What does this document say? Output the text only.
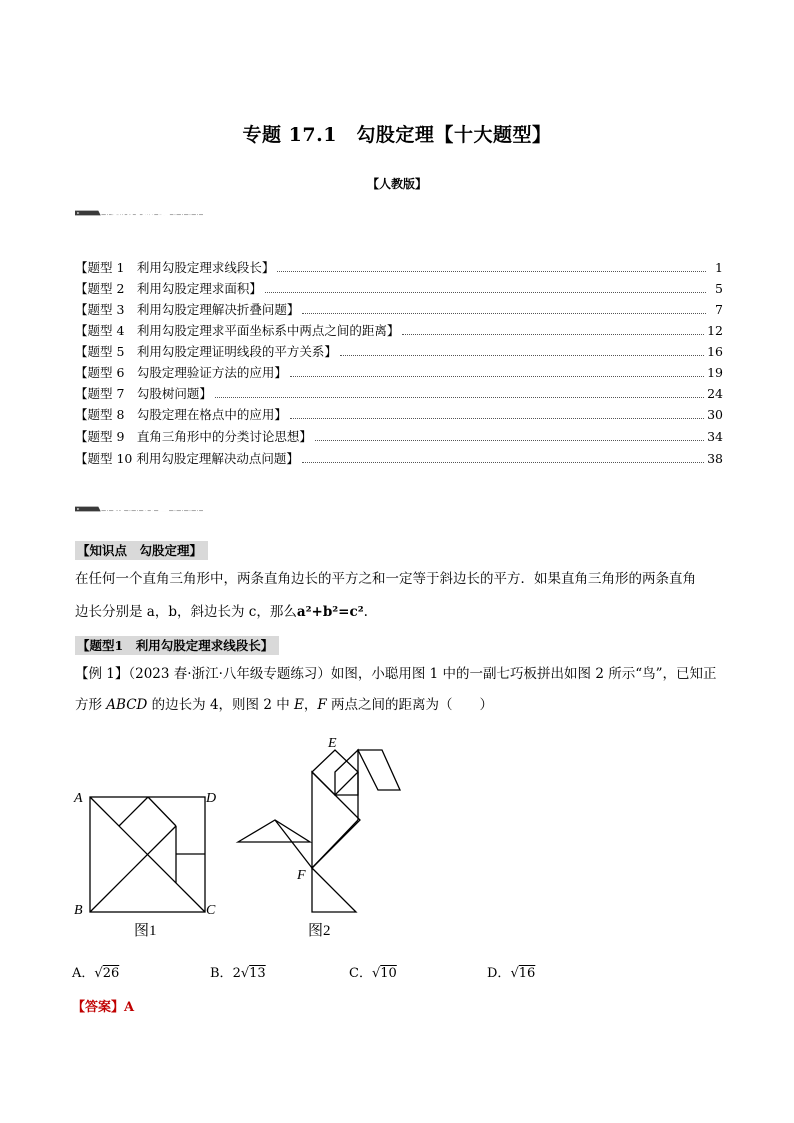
专题 17.1　勾股定理【十大题型】
【人教版】
题型梳理
【题型 1　利用勾股定理求线段长】	1
【题型 2　利用勾股定理求面积】	5
【题型 3　利用勾股定理解决折叠问题】	7
【题型 4　利用勾股定理求平面坐标系中两点之间的距离】	12
【题型 5　利用勾股定理证明线段的平方关系】	16
【题型 6　勾股定理验证方法的应用】	19
【题型 7　勾股树问题】	24
【题型 8　勾股定理在格点中的应用】	30
【题型 9　直角三角形中的分类讨论思想】	34
【题型 10 利用勾股定理解决动点问题】	38
举一反三
【知识点　勾股定理】
在任何一个直角三角形中，两条直角边长的平方之和一定等于斜边长的平方．如果直角三角形的两条直角
边长分别是 a，b，斜边长为 c，那么a²+b²=c².
【题型1　利用勾股定理求线段长】
【例 1】（2023 春·浙江·八年级专题练习）如图，小聪用图 1 中的一副七巧板拼出如图 2 所示“鸟”，已知正
方形 ABCD 的边长为 4，则图 2 中 E，F 两点之间的距离为（　　）
A	D
B	C
图1
E
F
图2
A．√26	B．2√13	C．√10	D．√16
【答案】A
